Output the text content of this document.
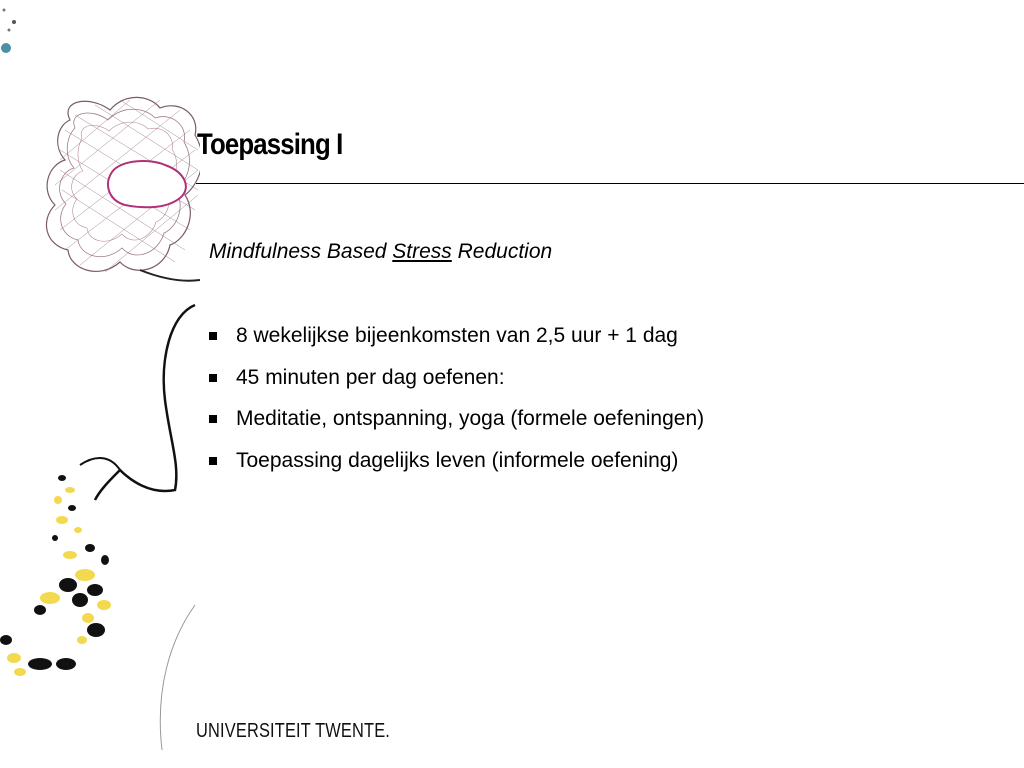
Toepassing I
Mindfulness Based Stress Reduction
8 wekelijkse bijeenkomsten van 2,5 uur + 1 dag
45 minuten per dag oefenen:
Meditatie, ontspanning, yoga (formele oefeningen)
Toepassing dagelijks leven (informele oefening)
UNIVERSITEIT TWENTE.
